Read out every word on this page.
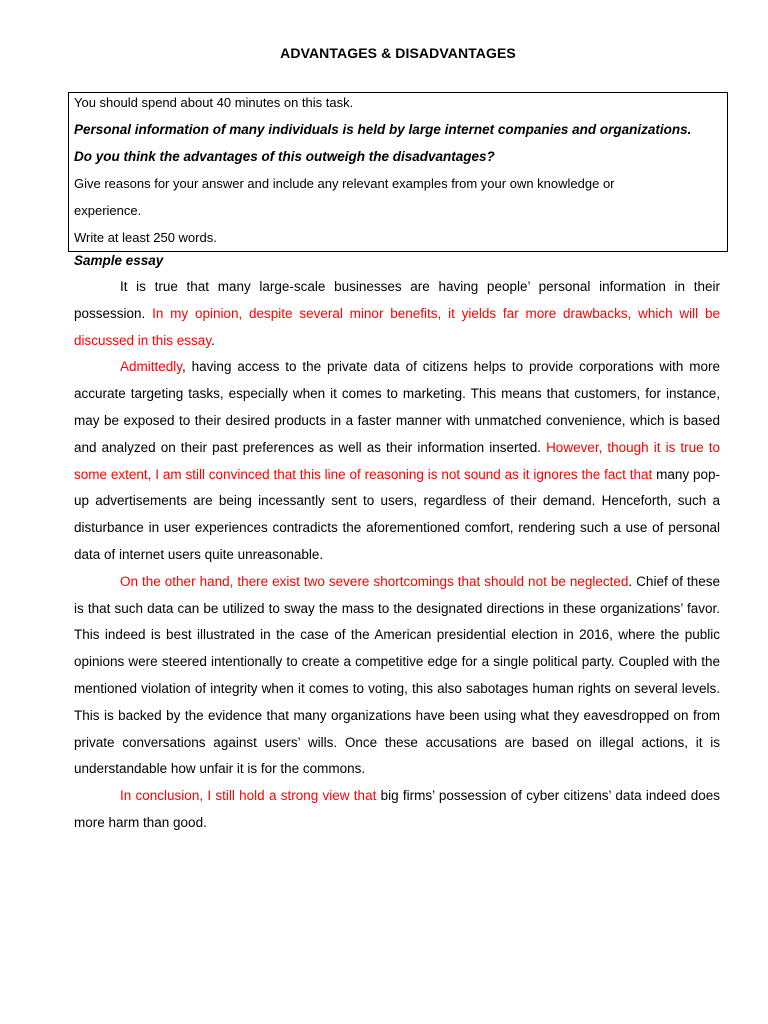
ADVANTAGES & DISADVANTAGES
You should spend about 40 minutes on this task.
Personal information of many individuals is held by large internet companies and organizations.
Do you think the advantages of this outweigh the disadvantages?
Give reasons for your answer and include any relevant examples from your own knowledge or
experience.
Write at least 250 words.
Sample essay

It is true that many large-scale businesses are having people’ personal information in their possession. In my opinion, despite several minor benefits, it yields far more drawbacks, which will be discussed in this essay.

Admittedly, having access to the private data of citizens helps to provide corporations with more accurate targeting tasks, especially when it comes to marketing. This means that customers, for instance, may be exposed to their desired products in a faster manner with unmatched convenience, which is based and analyzed on their past preferences as well as their information inserted. However, though it is true to some extent, I am still convinced that this line of reasoning is not sound as it ignores the fact that many pop-up advertisements are being incessantly sent to users, regardless of their demand. Henceforth, such a disturbance in user experiences contradicts the aforementioned comfort, rendering such a use of personal data of internet users quite unreasonable.

On the other hand, there exist two severe shortcomings that should not be neglected. Chief of these is that such data can be utilized to sway the mass to the designated directions in these organizations’ favor. This indeed is best illustrated in the case of the American presidential election in 2016, where the public opinions were steered intentionally to create a competitive edge for a single political party. Coupled with the mentioned violation of integrity when it comes to voting, this also sabotages human rights on several levels. This is backed by the evidence that many organizations have been using what they eavesdropped on from private conversations against users’ wills. Once these accusations are based on illegal actions, it is understandable how unfair it is for the commons.

In conclusion, I still hold a strong view that big firms’ possession of cyber citizens’ data indeed does more harm than good.
